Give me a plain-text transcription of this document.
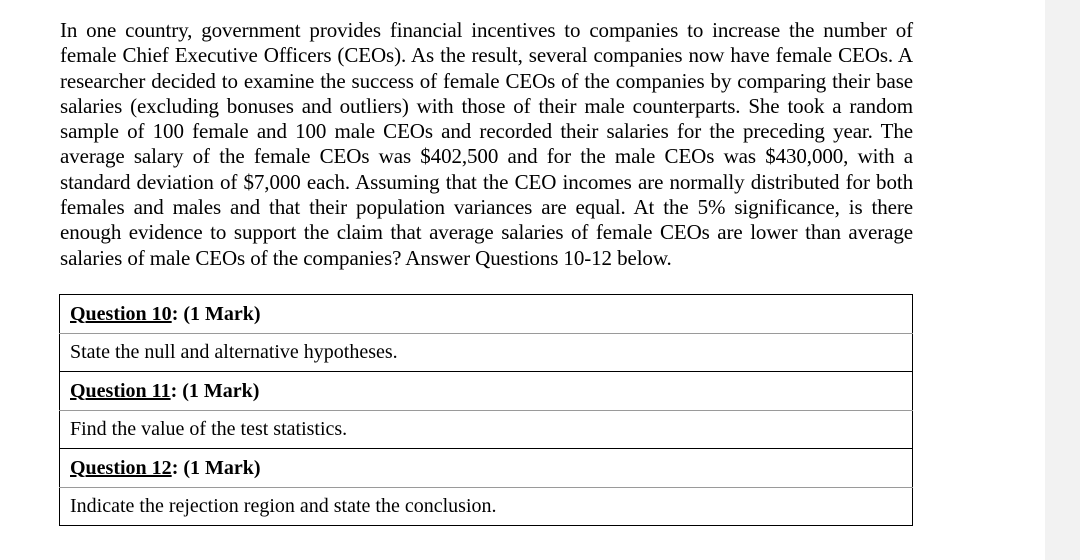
In one country, government provides financial incentives to companies to increase the number of female Chief Executive Officers (CEOs). As the result, several companies now have female CEOs. A researcher decided to examine the success of female CEOs of the companies by comparing their base salaries (excluding bonuses and outliers) with those of their male counterparts. She took a random sample of 100 female and 100 male CEOs and recorded their salaries for the preceding year. The average salary of the female CEOs was $402,500 and for the male CEOs was $430,000, with a standard deviation of $7,000 each. Assuming that the CEO incomes are normally distributed for both females and males and that their population variances are equal. At the 5% significance, is there enough evidence to support the claim that average salaries of female CEOs are lower than average salaries of male CEOs of the companies? Answer Questions 10-12 below.

Question 10: (1 Mark)
State the null and alternative hypotheses.
Question 11: (1 Mark)
Find the value of the test statistics.
Question 12: (1 Mark)
Indicate the rejection region and state the conclusion.
